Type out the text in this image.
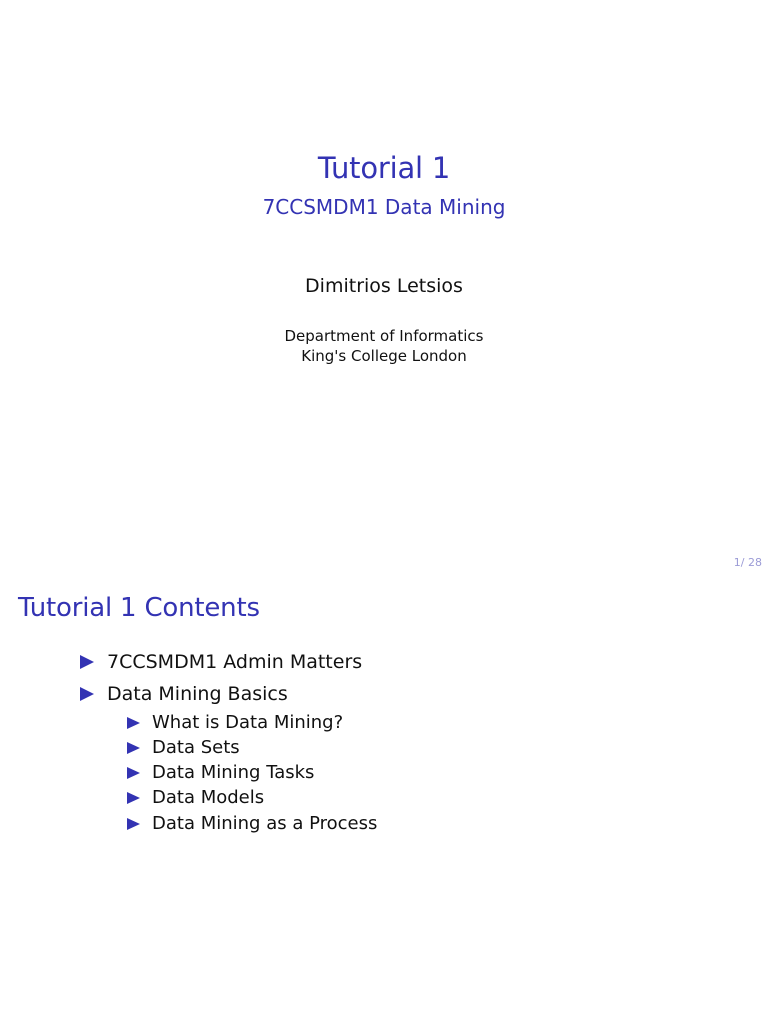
Tutorial 1
7CCSMDM1 Data Mining
Dimitrios Letsios
Department of Informatics
King's College London
1/ 28
Tutorial 1 Contents
7CCSMDM1 Admin Matters
Data Mining Basics
What is Data Mining?
Data Sets
Data Mining Tasks
Data Models
Data Mining as a Process
